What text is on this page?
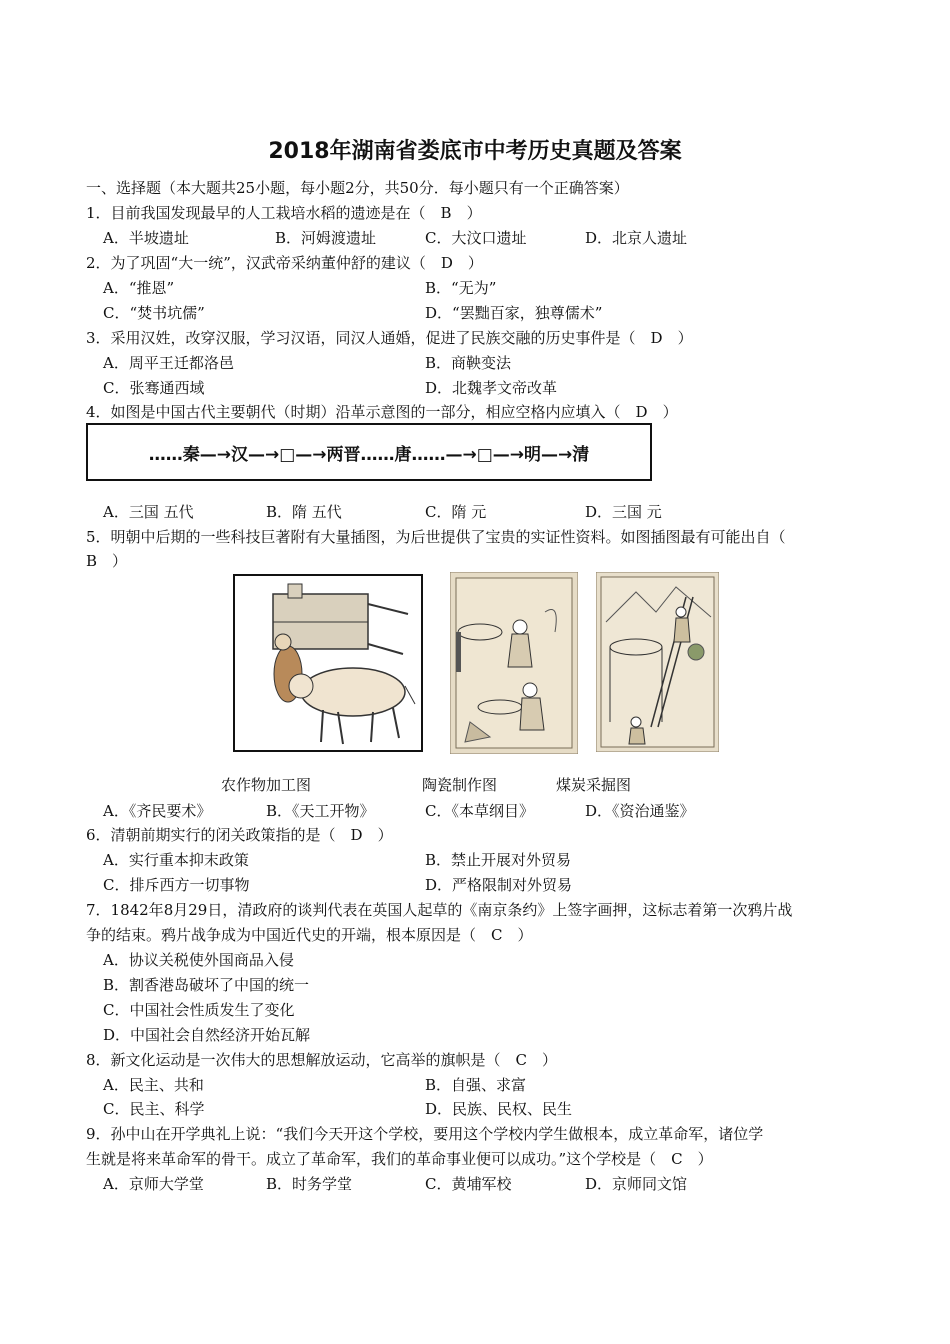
2018年湖南省娄底市中考历史真题及答案
一、选择题（本大题共25小题，每小题2分，共50分．每小题只有一个正确答案）
1．目前我国发现最早的人工栽培水稻的遗迹是在（　B　）
A．半坡遗址	B．河姆渡遗址	C．大汶口遗址	D．北京人遗址
2．为了巩固“大一统”，汉武帝采纳董仲舒的建议（　D　）
A．“推恩”	B．“无为”
C．“焚书坑儒”	D．“罢黜百家，独尊儒术”
3．采用汉姓，改穿汉服，学习汉语，同汉人通婚，促进了民族交融的历史事件是（　D　）
A．周平王迁都洛邑	B．商鞅变法
C．张骞通西域	D．北魏孝文帝改革
4．如图是中国古代主要朝代（时期）沿革示意图的一部分，相应空格内应填入（　D　）
……秦—→汉—→□—→两晋……唐……—→□—→明—→清
A．三国 五代	B．隋 五代	C．隋 元	D．三国 元
5．明朝中后期的一些科技巨著附有大量插图，为后世提供了宝贵的实证性资料。如图插图最有可能出自（
B　）
农作物加工图	陶瓷制作图	煤炭采掘图
A．《齐民要术》	B．《天工开物》	C．《本草纲目》	D．《资治通鉴》
6．清朝前期实行的闭关政策指的是（　D　）
A．实行重本抑末政策	B．禁止开展对外贸易
C．排斥西方一切事物	D．严格限制对外贸易
7．1842年8月29日，清政府的谈判代表在英国人起草的《南京条约》上签字画押，这标志着第一次鸦片战
争的结束。鸦片战争成为中国近代史的开端，根本原因是（　C　）
A．协议关税使外国商品入侵
B．割香港岛破坏了中国的统一
C．中国社会性质发生了变化
D．中国社会自然经济开始瓦解
8．新文化运动是一次伟大的思想解放运动，它高举的旗帜是（　C　）
A．民主、共和	B．自强、求富
C．民主、科学	D．民族、民权、民生
9．孙中山在开学典礼上说：“我们今天开这个学校，要用这个学校内学生做根本，成立革命军，诸位学
生就是将来革命军的骨干。成立了革命军，我们的革命事业便可以成功。”这个学校是（　C　）
A．京师大学堂	B．时务学堂	C．黄埔军校	D．京师同文馆
